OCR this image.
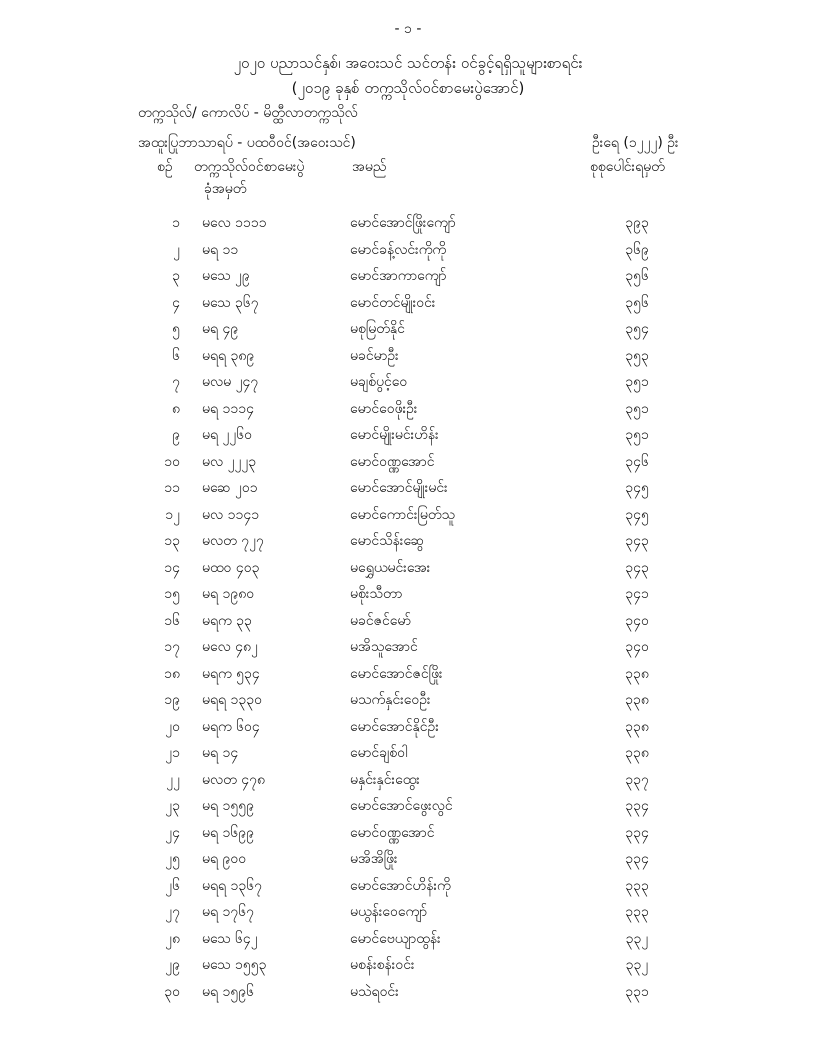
- ၁ -
၂၀၂၀ ပညာသင်နှစ်၊ အဝေးသင် သင်တန်း ဝင်ခွင့်ရရှိသူများစာရင်း
(၂၀၁၉ ခုနှစ် တက္ကသိုလ်ဝင်စာမေးပွဲအောင်)
တက္ကသိုလ်/ ကောလိပ် - မိတ္ထီလာတက္ကသိုလ်
အထူးပြုဘာသာရပ် - ပထဝီဝင်(အဝေးသင်)	ဦးရေ (၁၂၂၂) ဦး
စဉ် တက္ကသိုလ်ဝင်စာမေးပွဲ
ခုံအမှတ်
အမည်	စုစုပေါင်းရမှတ်
၁ မလေ ၁၁၁၁	မောင်အောင်ဖြိုးကျော်	၃၉၃
၂ မရ ၁၁	မောင်ခန့်လင်းကိုကို	၃၆၉
၃ မသေ ၂၉	မောင်အာကာကျော်	၃၅၆
၄ မသေ ၃၆၇	မောင်တင်မျိုးဝင်း	၃၅၆
၅ မရ ၄၉	မစုမြတ်နိုင်	၃၅၄
၆ မရရ ၃၈၉	မခင်မာဦး	၃၅၃
၇ မလမ ၂၄၇	မချစ်ပွင့်ဝေ	၃၅၁
၈ မရ ၁၁၁၄	မောင်ဝေဖိုးဦး	၃၅၁
၉ မရ ၂၂၆၀	မောင်မျိုးမင်းဟိန်း	၃၅၁
၁၀ မလ ၂၂၂၃	မောင်ဝဏ္ဏအောင်	၃၄၆
၁၁ မဆေ ၂၀၁	မောင်အောင်မျိုးမင်း	၃၄၅
၁၂ မလ ၁၁၄၁	မောင်ကောင်းမြတ်သူ	၃၄၅
၁၃ မလတ ၇၂၇	မောင်သိန်းဆွေ	၃၄၃
၁၄ မထဝ ၄၀၃	မရွှေယမင်းအေး	၃၄၃
၁၅ မရ ၁၉၈၀	မစိုးသီတာ	၃၄၁
၁၆ မရက ၃၃	မခင်ဇင်မော်	၃၄၀
၁၇ မလေ ၄၈၂	မအိသူအောင်	၃၄၀
၁၈ မရက ၅၃၄	မောင်အောင်ဇင်ဖြိုး	၃၃၈
၁၉ မရရ ၁၃၃၀	မသက်နှင်းဝေဦး	၃၃၈
၂၀ မရက ၆၀၄	မောင်အောင်နိုင်ဦး	၃၃၈
၂၁ မရ ၁၄	မောင်ချစ်ဝါ	၃၃၈
၂၂ မလတ ၄၇၈	မနှင်းနှင်းထွေး	၃၃၇
၂၃ မရ ၁၅၅၉	မောင်အောင်ဖွေးလွင်	၃၃၄
၂၄ မရ ၁၆၉၉	မောင်ဝဏ္ဏအောင်	၃၃၄
၂၅ မရ ၉၀၀	မအိအိဖြိုး	၃၃၄
၂၆ မရရ ၁၃၆၇	မောင်အောင်ဟိန်းကို	၃၃၃
၂၇ မရ ၁၇၆၇	မယွန်းဝေကျော်	၃၃၃
၂၈ မသေ ၆၄၂	မောင်ဗေယျာထွန်း	၃၃၂
၂၉ မသေ ၁၅၅၃	မစန်းစန်းဝင်း	၃၃၂
၃၀ မရ ၁၅၉၆	မသဲရဝင်း	၃၃၁
